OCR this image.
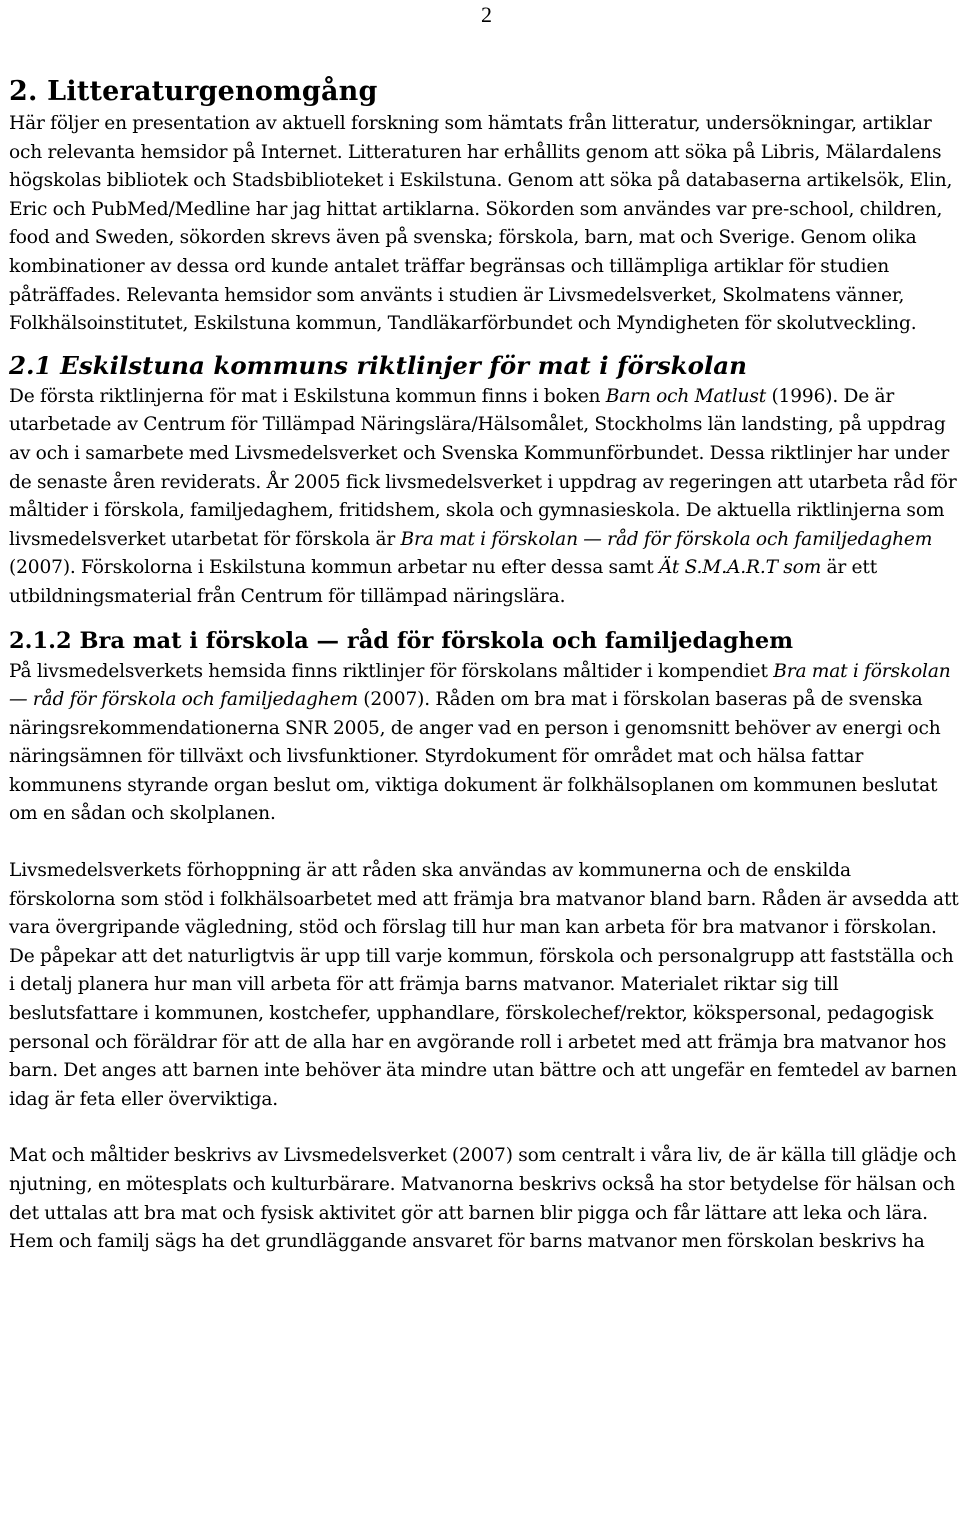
2
2. Litteraturgenomgång

Här följer en presentation av aktuell forskning som hämtats från litteratur, undersökningar, artiklar och relevanta hemsidor på Internet. Litteraturen har erhållits genom att söka på Libris, Mälardalens högskolas bibliotek och Stadsbiblioteket i Eskilstuna. Genom att söka på databaserna artikelsök, Elin, Eric och PubMed/Medline har jag hittat artiklarna. Sökorden som användes var pre-school, children, food and Sweden, sökorden skrevs även på svenska; förskola, barn, mat och Sverige. Genom olika kombinationer av dessa ord kunde antalet träffar begränsas och tillämpliga artiklar för studien påträffades. Relevanta hemsidor som använts i studien är Livsmedelsverket, Skolmatens vänner, Folkhälsoinstitutet, Eskilstuna kommun, Tandläkarförbundet och Myndigheten för skolutveckling.

2.1 Eskilstuna kommuns riktlinjer för mat i förskolan

De första riktlinjerna för mat i Eskilstuna kommun finns i boken Barn och Matlust (1996). De är utarbetade av Centrum för Tillämpad Näringslära/Hälsomålet, Stockholms län landsting, på uppdrag av och i samarbete med Livsmedelsverket och Svenska Kommunförbundet. Dessa riktlinjer har under de senaste åren reviderats. År 2005 fick livsmedelsverket i uppdrag av regeringen att utarbeta råd för måltider i förskola, familjedaghem, fritidshem, skola och gymnasieskola. De aktuella riktlinjerna som livsmedelsverket utarbetat för förskola är Bra mat i förskolan — råd för förskola och familjedaghem (2007). Förskolorna i Eskilstuna kommun arbetar nu efter dessa samt Ät S.M.A.R.T som är ett utbildningsmaterial från Centrum för tillämpad näringslära.

2.1.2 Bra mat i förskola — råd för förskola och familjedaghem

På livsmedelsverkets hemsida finns riktlinjer för förskolans måltider i kompendiet Bra mat i förskolan — råd för förskola och familjedaghem (2007). Råden om bra mat i förskolan baseras på de svenska näringsrekommendationerna SNR 2005, de anger vad en person i genomsnitt behöver av energi och näringsämnen för tillväxt och livsfunktioner. Styrdokument för området mat och hälsa fattar kommunens styrande organ beslut om, viktiga dokument är folkhälsoplanen om kommunen beslutat om en sådan och skolplanen.

Livsmedelsverkets förhoppning är att råden ska användas av kommunerna och de enskilda förskolorna som stöd i folkhälsoarbetet med att främja bra matvanor bland barn. Råden är avsedda att vara övergripande vägledning, stöd och förslag till hur man kan arbeta för bra matvanor i förskolan. De påpekar att det naturligtvis är upp till varje kommun, förskola och personalgrupp att fastställa och i detalj planera hur man vill arbeta för att främja barns matvanor. Materialet riktar sig till beslutsfattare i kommunen, kostchefer, upphandlare, förskolechef/rektor, kökspersonal, pedagogisk personal och föräldrar för att de alla har en avgörande roll i arbetet med att främja bra matvanor hos barn. Det anges att barnen inte behöver äta mindre utan bättre och att ungefär en femtedel av barnen idag är feta eller överviktiga.

Mat och måltider beskrivs av Livsmedelsverket (2007) som centralt i våra liv, de är källa till glädje och njutning, en mötesplats och kulturbärare. Matvanorna beskrivs också ha stor betydelse för hälsan och det uttalas att bra mat och fysisk aktivitet gör att barnen blir pigga och får lättare att leka och lära. Hem och familj sägs ha det grundläggande ansvaret för barns matvanor men förskolan beskrivs ha
